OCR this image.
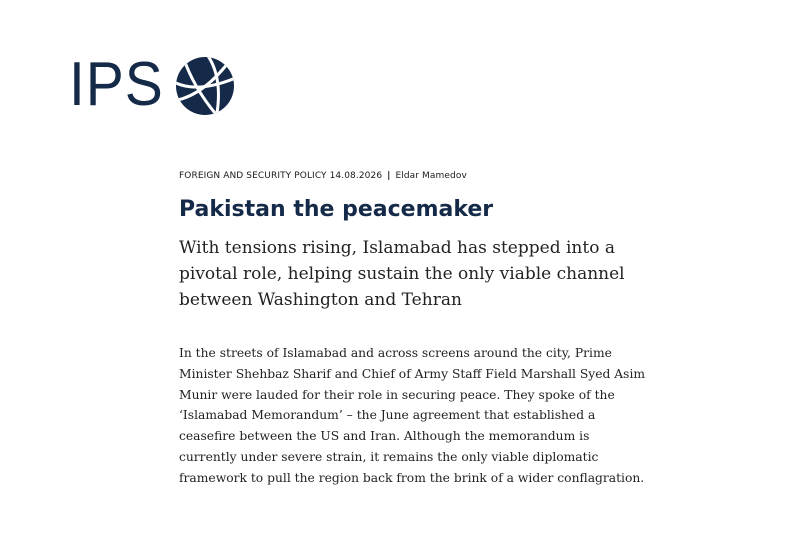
IPS
FOREIGN AND SECURITY POLICY 14.08.2026 | Eldar Mamedov
Pakistan the peacemaker

With tensions rising, Islamabad has stepped into a pivotal role, helping sustain the only viable channel between Washington and Tehran

In the streets of Islamabad and across screens around the city, Prime Minister Shehbaz Sharif and Chief of Army Staff Field Marshall Syed Asim Munir were lauded for their role in securing peace. They spoke of the ‘Islamabad Memorandum’ – the June agreement that established a ceasefire between the US and Iran. Although the memorandum is currently under severe strain, it remains the only viable diplomatic framework to pull the region back from the brink of a wider conflagration.
